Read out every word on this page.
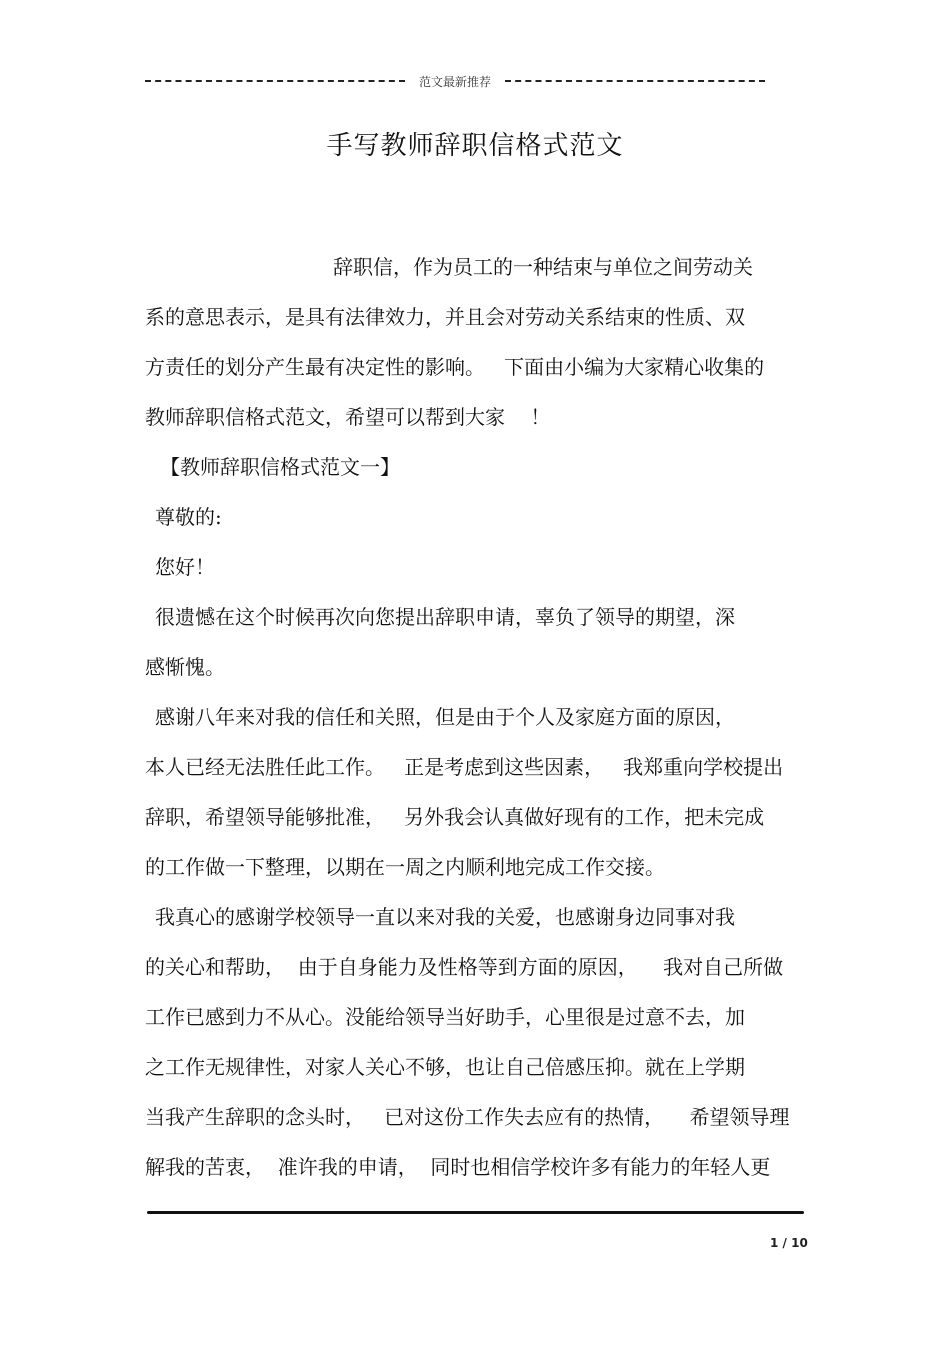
范文最新推荐
手写教师辞职信格式范文

辞职信，作为员工的一种结束与单位之间劳动关

系的意思表示，是具有法律效力，并且会对劳动关系结束的性质、双

方责任的划分产生最有决定性的影响。   下面由小编为大家精心收集的

教师辞职信格式范文，希望可以帮到大家    ！

【教师辞职信格式范文一】

尊敬的:

您好！

很遗憾在这个时候再次向您提出辞职申请，辜负了领导的期望，深

感惭愧。

感谢八年来对我的信任和关照，但是由于个人及家庭方面的原因，

本人已经无法胜任此工作。   正是考虑到这些因素，   我郑重向学校提出

辞职，希望领导能够批准，   另外我会认真做好现有的工作，把未完成

的工作做一下整理，以期在一周之内顺利地完成工作交接。

我真心的感谢学校领导一直以来对我的关爱，也感谢身边同事对我

的关心和帮助，  由于自身能力及性格等到方面的原因，    我对自己所做

工作已感到力不从心。没能给领导当好助手，心里很是过意不去，加

之工作无规律性，对家人关心不够，也让自己倍感压抑。就在上学期

当我产生辞职的念头时，   已对这份工作失去应有的热情，    希望领导理

解我的苦衷，  准许我的申请，  同时也相信学校许多有能力的年轻人更

1 / 10
